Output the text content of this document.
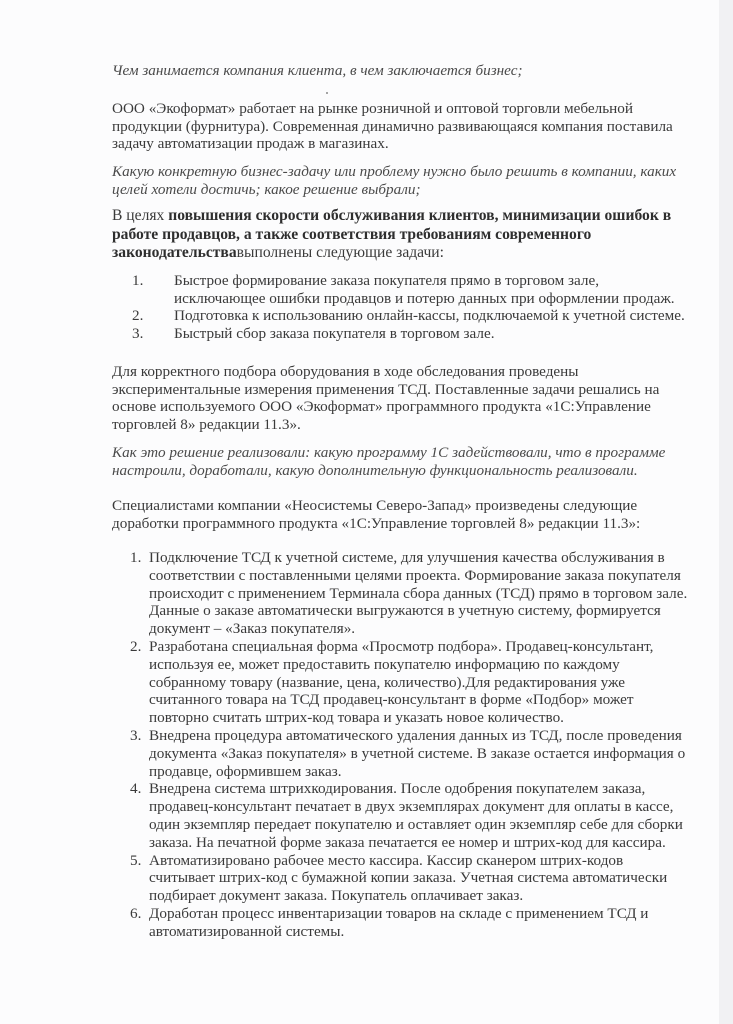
Чем занимается компания клиента, в чем заключается бизнес;
ООО «Экоформат» работает на рынке розничной и оптовой торговли мебельной продукции (фурнитура). Современная динамично развивающаяся компания поставила задачу автоматизации продаж в магазинах.
Какую конкретную бизнес-задачу или проблему нужно было решить в компании, каких целей хотели достичь; какое решение выбрали;
В целях повышения скорости обслуживания клиентов, минимизации ошибок в работе продавцов, а также соответствия требованиям современного законодательствавыполнены следующие задачи:
1. Быстрое формирование заказа покупателя прямо в торговом зале, исключающее ошибки продавцов и потерю данных при оформлении продаж.
2. Подготовка к использованию онлайн-кассы, подключаемой к учетной системе.
3. Быстрый сбор заказа покупателя в торговом зале.
Для корректного подбора оборудования в ходе обследования проведены экспериментальные измерения применения ТСД. Поставленные задачи решались на основе используемого ООО «Экоформат» программного продукта «1С:Управление торговлей 8» редакции 11.3».
Как это решение реализовали: какую программу 1С задействовали, что в программе настроили, доработали, какую дополнительную функциональность реализовали.
Специалистами компании «Неосистемы Северо-Запад» произведены следующие доработки программного продукта «1С:Управление торговлей 8» редакции 11.3»:
1. Подключение ТСД к учетной системе, для улучшения качества обслуживания в соответствии с поставленными целями проекта. Формирование заказа покупателя происходит с применением Терминала сбора данных (ТСД) прямо в торговом зале. Данные о заказе автоматически выгружаются в учетную систему, формируется документ – «Заказ покупателя».
2. Разработана специальная форма «Просмотр подбора». Продавец-консультант, используя ее, может предоставить покупателю информацию по каждому собранному товару (название, цена, количество).Для редактирования уже считанного товара на ТСД продавец-консультант в форме «Подбор» может повторно считать штрих-код товара и указать новое количество.
3. Внедрена процедура автоматического удаления данных из ТСД, после проведения документа «Заказ покупателя» в учетной системе. В заказе остается информация о продавце, оформившем заказ.
4. Внедрена система штрихкодирования. После одобрения покупателем заказа, продавец-консультант печатает в двух экземплярах документ для оплаты в кассе, один экземпляр передает покупателю и оставляет один экземпляр себе для сборки заказа. На печатной форме заказа печатается ее номер и штрих-код для кассира.
5. Автоматизировано рабочее место кассира. Кассир сканером штрих-кодов считывает штрих-код с бумажной копии заказа. Учетная система автоматически подбирает документ заказа. Покупатель оплачивает заказ.
6. Доработан процесс инвентаризации товаров на складе с применением ТСД и автоматизированной системы.
